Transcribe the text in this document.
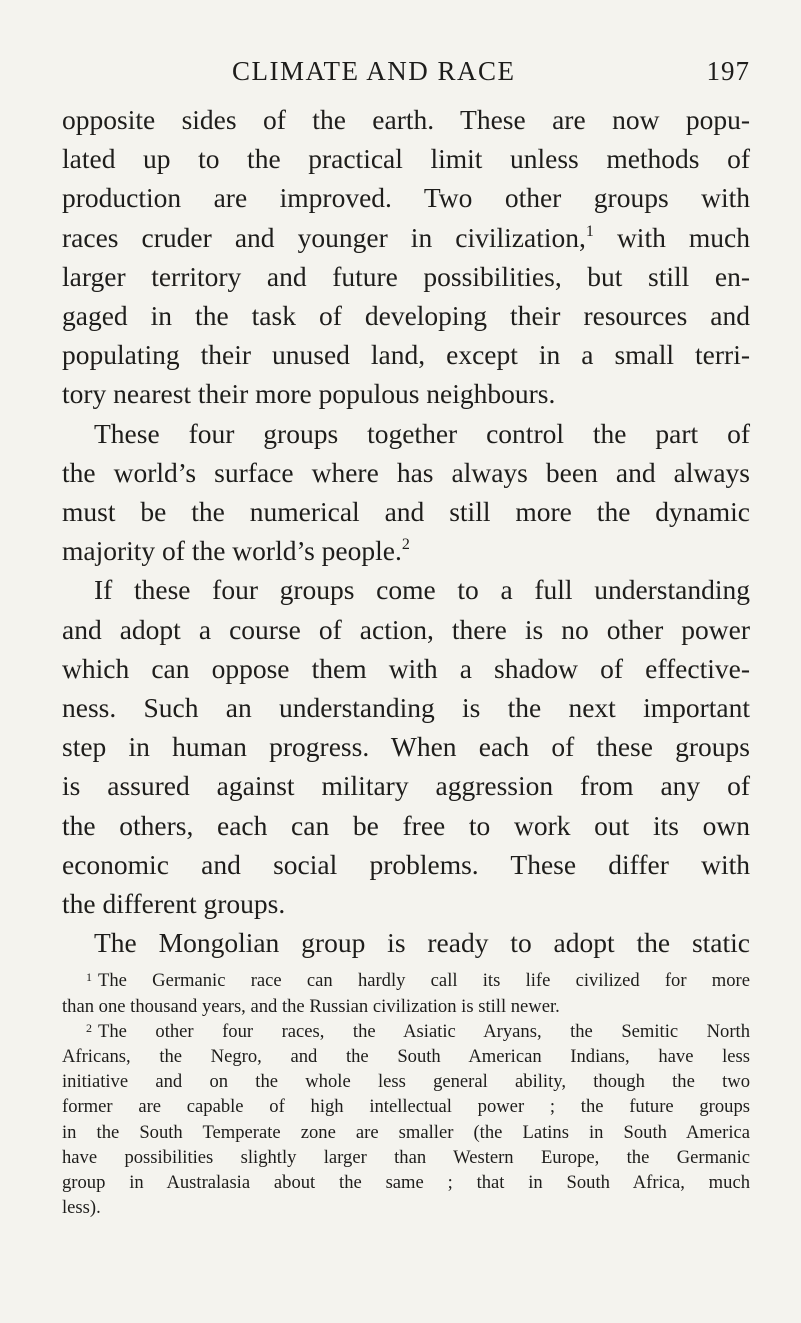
CLIMATE AND RACE	197
opposite sides of the earth. These are now popu-
lated up to the practical limit unless methods of
production are improved. Two other groups with
races cruder and younger in civilization,$^1$ with much
larger territory and future possibilities, but still en-
gaged in the task of developing their resources and
populating their unused land, except in a small terri-
tory nearest their more populous neighbours.
These four groups together control the part of
the world’s surface where has always been and always
must be the numerical and still more the dynamic
majority of the world’s people.$^2$
If these four groups come to a full understanding
and adopt a course of action, there is no other power
which can oppose them with a shadow of effective-
ness. Such an understanding is the next important
step in human progress. When each of these groups
is assured against military aggression from any of
the others, each can be free to work out its own
economic and social problems. These differ with
the different groups.
The Mongolian group is ready to adopt the static
$^1$ The Germanic race can hardly call its life civilized for more
than one thousand years, and the Russian civilization is still newer.
$^2$ The other four races, the Asiatic Aryans, the Semitic North
Africans, the Negro, and the South American Indians, have less
initiative and on the whole less general ability, though the two
former are capable of high intellectual power ; the future groups
in the South Temperate zone are smaller (the Latins in South America
have possibilities slightly larger than Western Europe, the Germanic
group in Australasia about the same ; that in South Africa, much
less).
